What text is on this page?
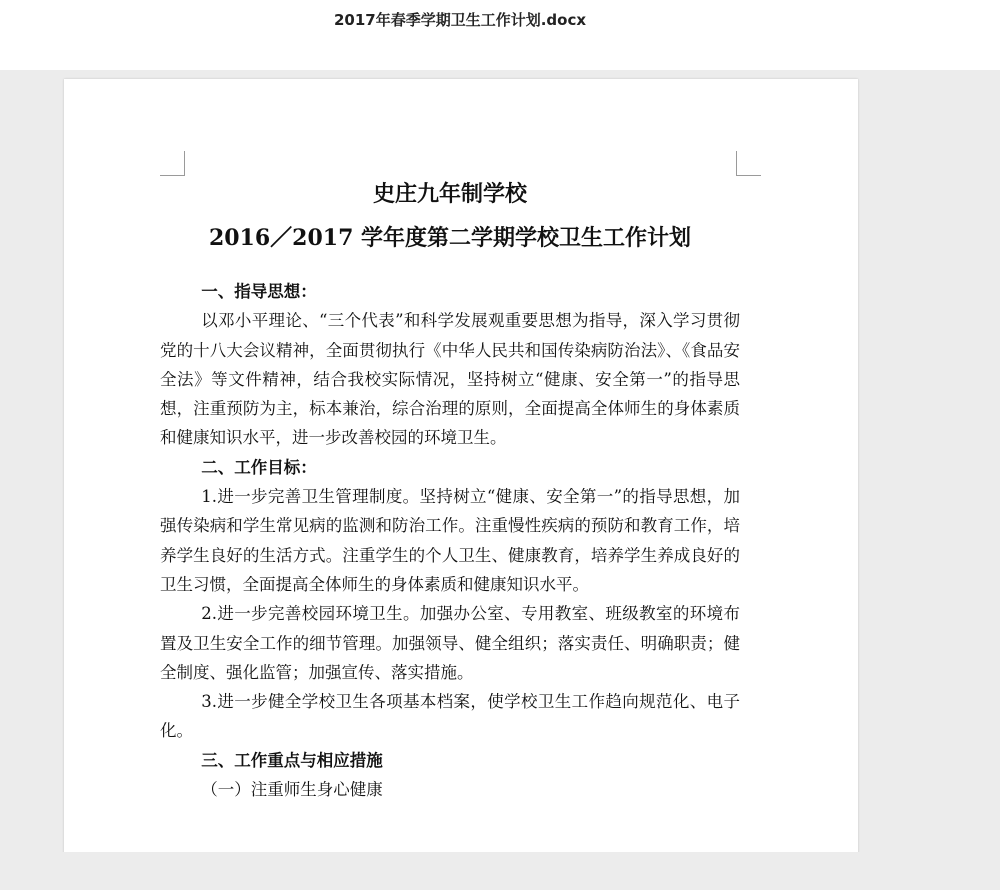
2017年春季学期卫生工作计划.docx

史庄九年制学校

2016／2017 学年度第二学期学校卫生工作计划

一、指导思想：

以邓小平理论、“三个代表”和科学发展观重要思想为指导，深入学习贯彻党的十八大会议精神，全面贯彻执行《中华人民共和国传染病防治法》、《食品安全法》等文件精神，结合我校实际情况，坚持树立“健康、安全第一”的指导思想，注重预防为主，标本兼治，综合治理的原则，全面提高全体师生的身体素质和健康知识水平，进一步改善校园的环境卫生。

二、工作目标：

1.进一步完善卫生管理制度。坚持树立“健康、安全第一”的指导思想，加强传染病和学生常见病的监测和防治工作。注重慢性疾病的预防和教育工作，培养学生良好的生活方式。注重学生的个人卫生、健康教育，培养学生养成良好的卫生习惯，全面提高全体师生的身体素质和健康知识水平。

2.进一步完善校园环境卫生。加强办公室、专用教室、班级教室的环境布置及卫生安全工作的细节管理。加强领导、健全组织；落实责任、明确职责；健全制度、强化监管；加强宣传、落实措施。

3.进一步健全学校卫生各项基本档案，使学校卫生工作趋向规范化、电子化。

三、工作重点与相应措施

（一）注重师生身心健康
